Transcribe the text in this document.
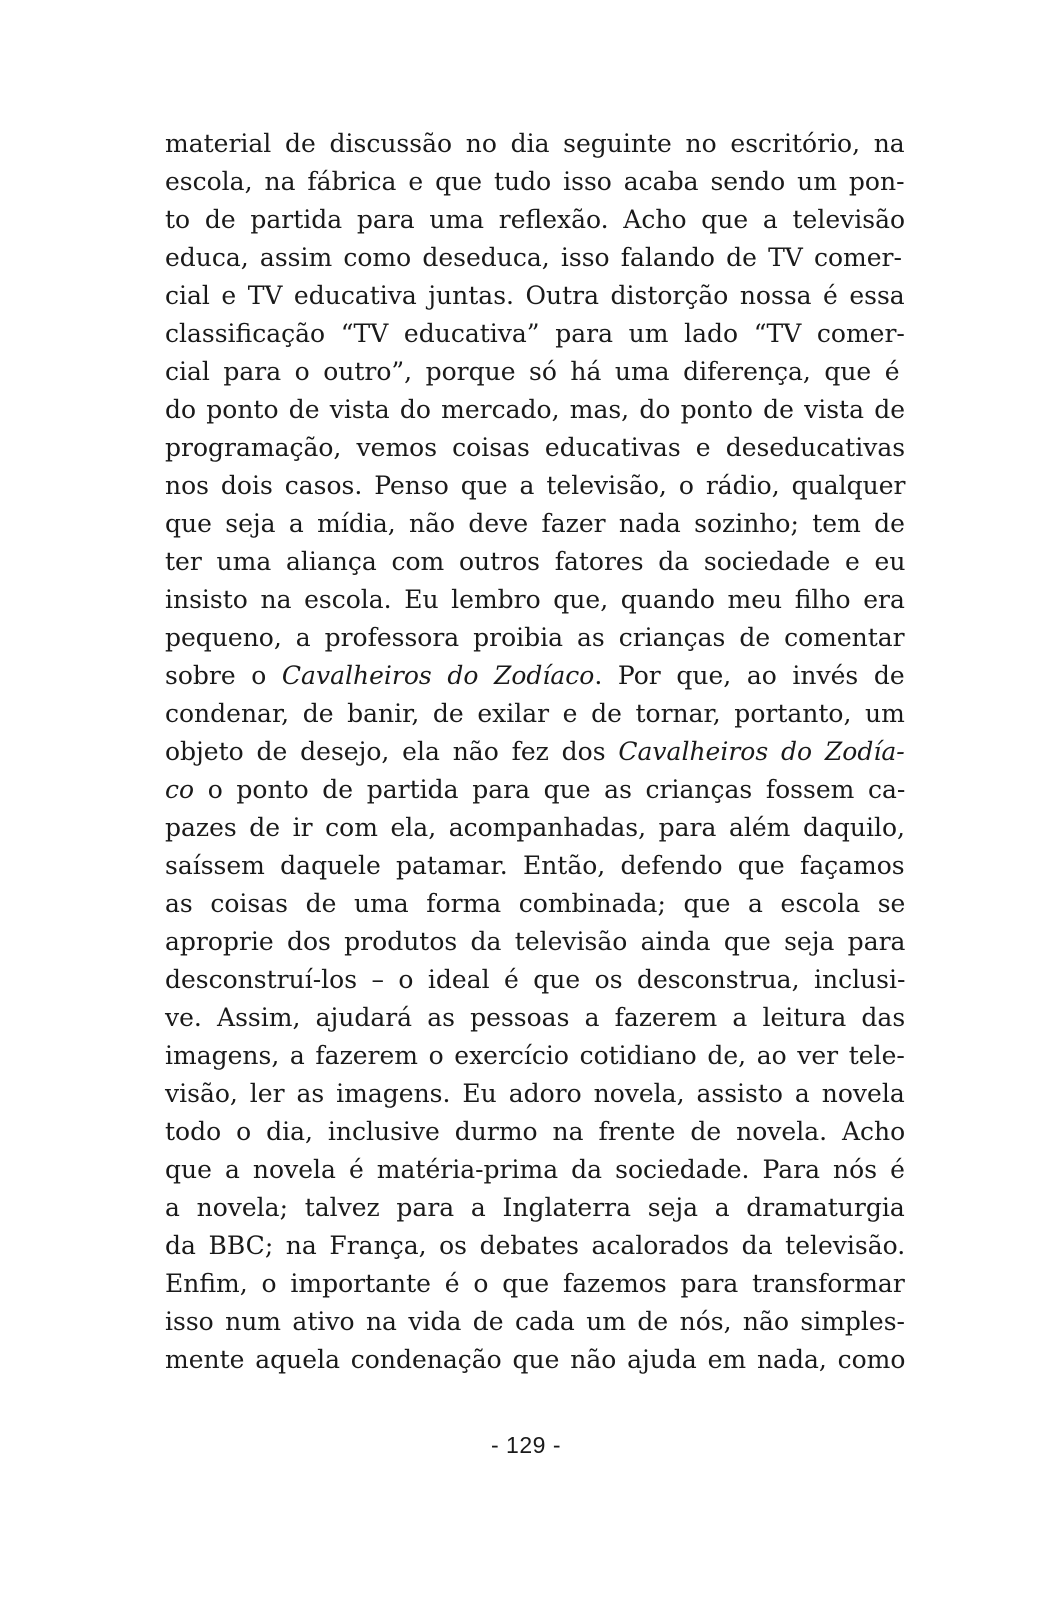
material de discussão no dia seguinte no escritório, na
escola, na fábrica e que tudo isso acaba sendo um pon-
to de partida para uma reflexão. Acho que a televisão
educa, assim como deseduca, isso falando de TV comer-
cial e TV educativa juntas. Outra distorção nossa é essa
classificação “TV educativa” para um lado “TV comer-
cial para o outro”, porque só há uma diferença, que é
do ponto de vista do mercado, mas, do ponto de vista de
programação, vemos coisas educativas e deseducativas
nos dois casos. Penso que a televisão, o rádio, qualquer
que seja a mídia, não deve fazer nada sozinho; tem de
ter uma aliança com outros fatores da sociedade e eu
insisto na escola. Eu lembro que, quando meu filho era
pequeno, a professora proibia as crianças de comentar
sobre o Cavalheiros do Zodíaco. Por que, ao invés de
condenar, de banir, de exilar e de tornar, portanto, um
objeto de desejo, ela não fez dos Cavalheiros do Zodía-
co o ponto de partida para que as crianças fossem ca-
pazes de ir com ela, acompanhadas, para além daquilo,
saíssem daquele patamar. Então, defendo que façamos
as coisas de uma forma combinada; que a escola se
aproprie dos produtos da televisão ainda que seja para
desconstruí-los – o ideal é que os desconstrua, inclusi-
ve. Assim, ajudará as pessoas a fazerem a leitura das
imagens, a fazerem o exercício cotidiano de, ao ver tele-
visão, ler as imagens. Eu adoro novela, assisto a novela
todo o dia, inclusive durmo na frente de novela. Acho
que a novela é matéria-prima da sociedade. Para nós é
a novela; talvez para a Inglaterra seja a dramaturgia
da BBC; na França, os debates acalorados da televisão.
Enfim, o importante é o que fazemos para transformar
isso num ativo na vida de cada um de nós, não simples-
mente aquela condenação que não ajuda em nada, como
- 129 -
